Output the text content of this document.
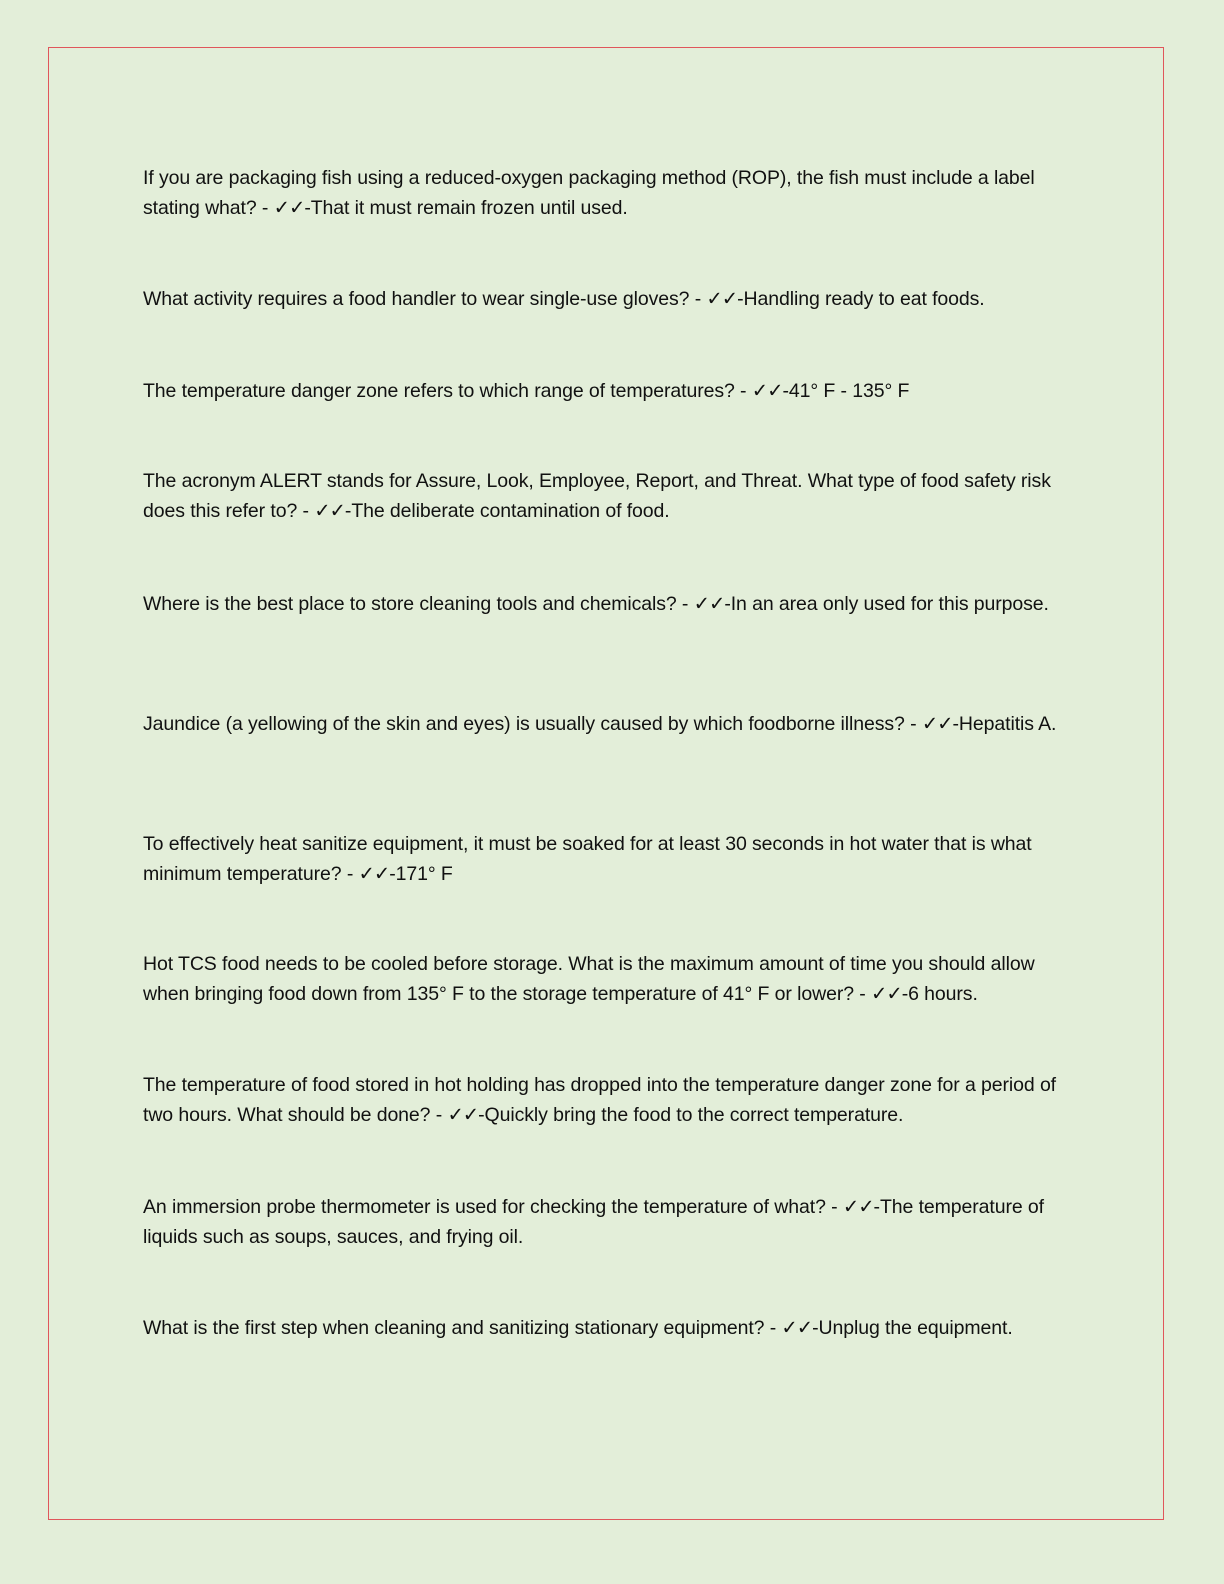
If you are packaging fish using a reduced-oxygen packaging method (ROP), the fish must include a label stating what? - ✓✓-That it must remain frozen until used.

What activity requires a food handler to wear single-use gloves? - ✓✓-Handling ready to eat foods.

The temperature danger zone refers to which range of temperatures? - ✓✓-41° F - 135° F

The acronym ALERT stands for Assure, Look, Employee, Report, and Threat. What type of food safety risk does this refer to? - ✓✓-The deliberate contamination of food.

Where is the best place to store cleaning tools and chemicals? - ✓✓-In an area only used for this purpose.

Jaundice (a yellowing of the skin and eyes) is usually caused by which foodborne illness? - ✓✓-Hepatitis A.

To effectively heat sanitize equipment, it must be soaked for at least 30 seconds in hot water that is what minimum temperature? - ✓✓-171° F

Hot TCS food needs to be cooled before storage. What is the maximum amount of time you should allow when bringing food down from 135° F to the storage temperature of 41° F or lower? - ✓✓-6 hours.

The temperature of food stored in hot holding has dropped into the temperature danger zone for a period of two hours. What should be done? - ✓✓-Quickly bring the food to the correct temperature.

An immersion probe thermometer is used for checking the temperature of what? - ✓✓-The temperature of liquids such as soups, sauces, and frying oil.

What is the first step when cleaning and sanitizing stationary equipment? - ✓✓-Unplug the equipment.
